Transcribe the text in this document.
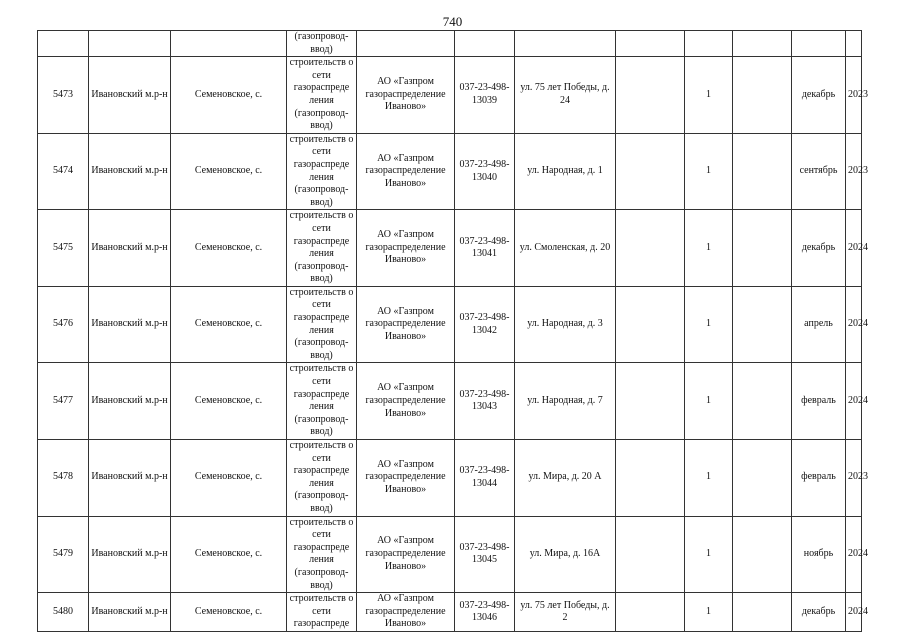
740
			(газопровод-
ввод)								
5473	Ивановский м.р-н	Семеновское, с.	строительств о сети газораспреде ления (газопровод-ввод)	АО «Газпром газораспределение Иваново»	037-23-498-13039	ул. 75 лет Победы, д. 24		1		декабрь	2023
5474	Ивановский м.р-н	Семеновское, с.	строительств о сети газораспреде ления (газопровод-ввод)	АО «Газпром газораспределение Иваново»	037-23-498-13040	ул. Народная, д. 1		1		сентябрь	2023
5475	Ивановский м.р-н	Семеновское, с.	строительств о сети газораспреде ления (газопровод-ввод)	АО «Газпром газораспределение Иваново»	037-23-498-13041	ул. Смоленская, д. 20		1		декабрь	2024
5476	Ивановский м.р-н	Семеновское, с.	строительств о сети газораспреде ления (газопровод-ввод)	АО «Газпром газораспределение Иваново»	037-23-498-13042	ул. Народная, д. 3		1		апрель	2024
5477	Ивановский м.р-н	Семеновское, с.	строительств о сети газораспреде ления (газопровод-ввод)	АО «Газпром газораспределение Иваново»	037-23-498-13043	ул. Народная, д. 7		1		февраль	2024
5478	Ивановский м.р-н	Семеновское, с.	строительств о сети газораспреде ления (газопровод-ввод)	АО «Газпром газораспределение Иваново»	037-23-498-13044	ул. Мира, д. 20 А		1		февраль	2023
5479	Ивановский м.р-н	Семеновское, с.	строительств о сети газораспреде ления (газопровод-ввод)	АО «Газпром газораспределение Иваново»	037-23-498-13045	ул. Мира, д. 16А		1		ноябрь	2024
5480	Ивановский м.р-н	Семеновское, с.	строительств о сети газораспреде	АО «Газпром газораспределение Иваново»	037-23-498-13046	ул. 75 лет Победы, д. 2		1		декабрь	2024
